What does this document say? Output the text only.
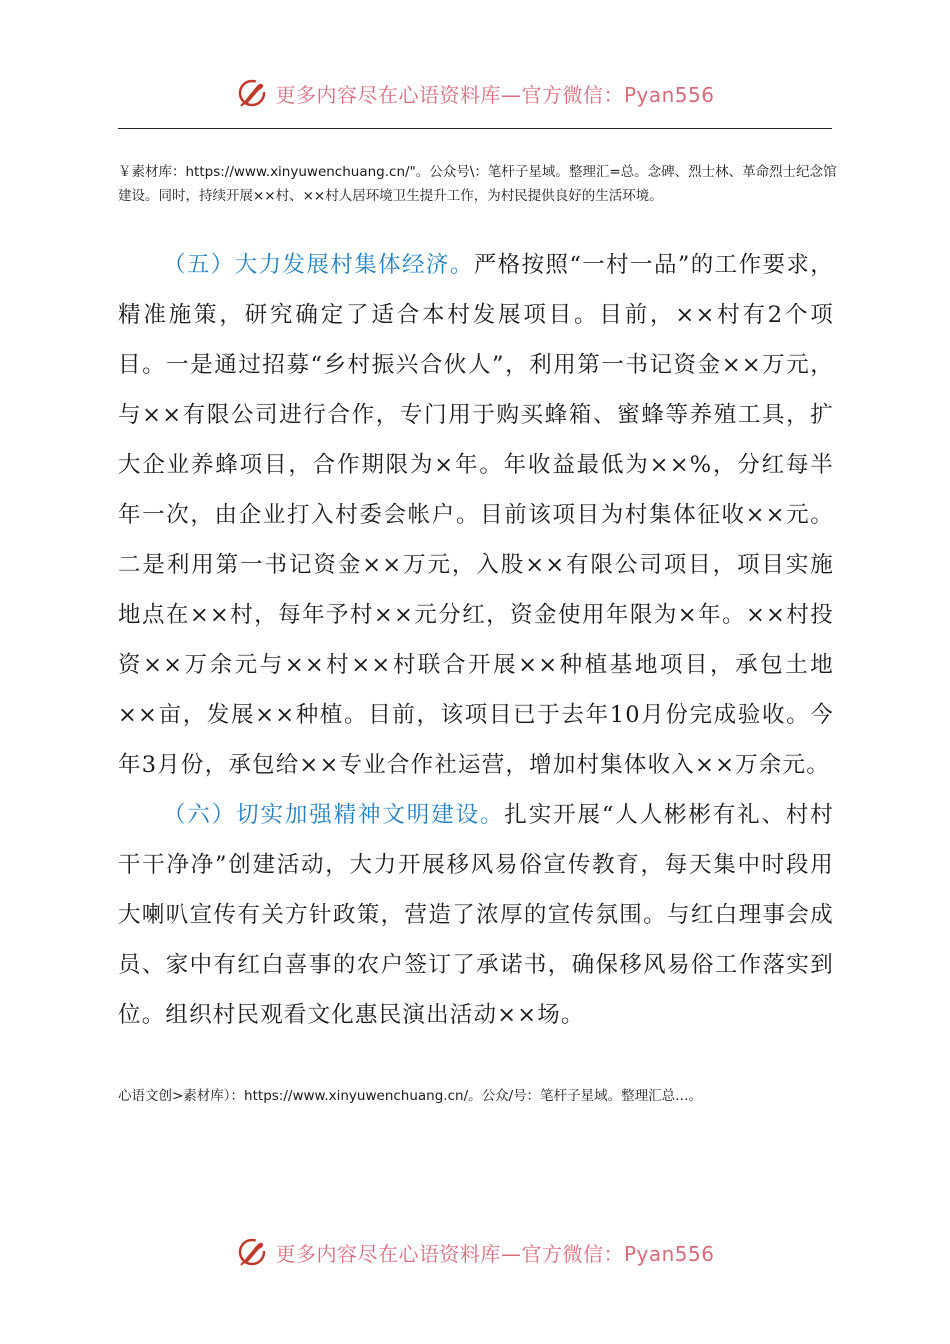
更多内容尽在心语资料库—官方微信：Pyan556
￥素材库：https://www.xinyuwenchuang.cn/"。公众号\：笔杆子星域。整理汇=总。念碑、烈士林、革命烈士纪念馆建设。同时，持续开展××村、××村人居环境卫生提升工作，为村民提供良好的生活环境。

（五）大力发展村集体经济。严格按照“一村一品”的工作要求，精准施策，研究确定了适合本村发展项目。目前，××村有2个项目。一是通过招募“乡村振兴合伙人”，利用第一书记资金××万元，与××有限公司进行合作，专门用于购买蜂箱、蜜蜂等养殖工具，扩大企业养蜂项目，合作期限为×年。年收益最低为××%，分红每半年一次，由企业打入村委会帐户。目前该项目为村集体征收××元。二是利用第一书记资金××万元，入股××有限公司项目，项目实施地点在××村，每年予村××元分红，资金使用年限为×年。××村投资××万余元与××村××村联合开展××种植基地项目，承包土地××亩，发展××种植。目前，该项目已于去年10月份完成验收。今年3月份，承包给××专业合作社运营，增加村集体收入××万余元。

（六）切实加强精神文明建设。扎实开展“人人彬彬有礼、村村干干净净”创建活动，大力开展移风易俗宣传教育，每天集中时段用大喇叭宣传有关方针政策，营造了浓厚的宣传氛围。与红白理事会成员、家中有红白喜事的农户签订了承诺书，确保移风易俗工作落实到位。组织村民观看文化惠民演出活动××场。

心语文创>素材库）：https://www.xinyuwenchuang.cn/。公众/号：笔杆子星域。整理汇总…。
更多内容尽在心语资料库—官方微信：Pyan556
